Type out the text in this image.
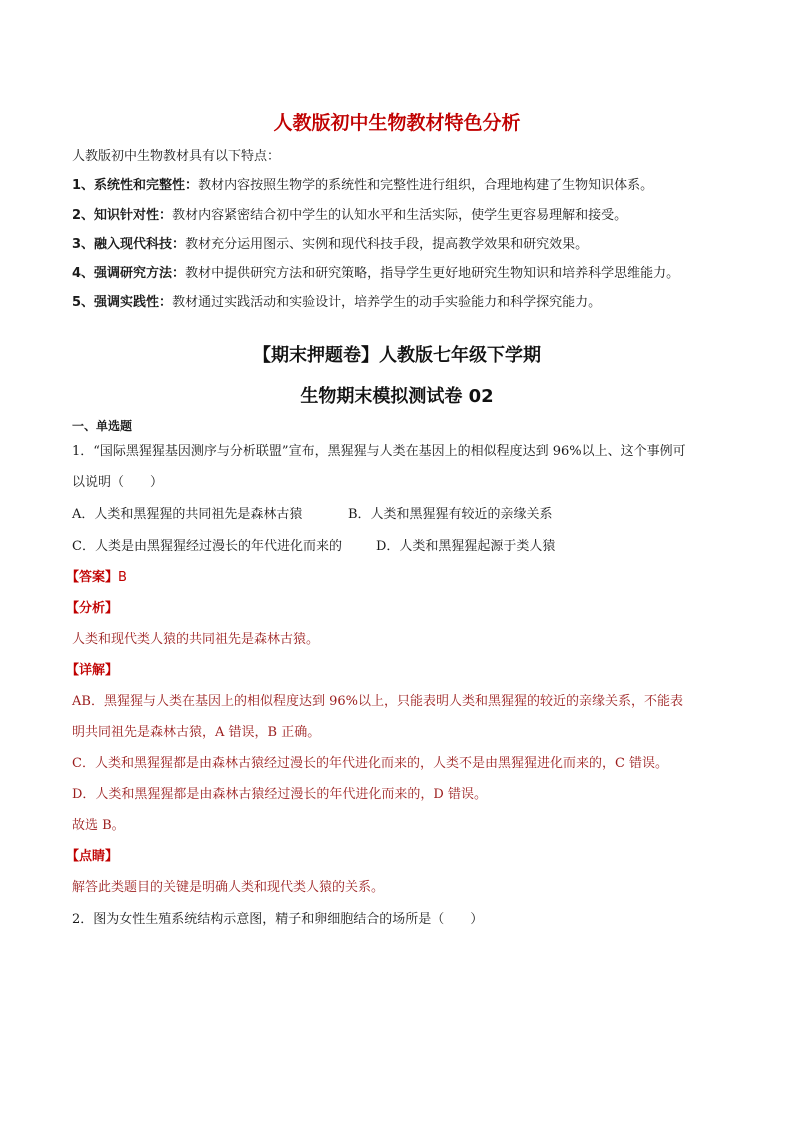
人教版初中生物教材特色分析
人教版初中生物教材具有以下特点：
1、系统性和完整性：教材内容按照生物学的系统性和完整性进行组织，合理地构建了生物知识体系。
2、知识针对性：教材内容紧密结合初中学生的认知水平和生活实际，使学生更容易理解和接受。
3、融入现代科技：教材充分运用图示、实例和现代科技手段，提高教学效果和研究效果。
4、强调研究方法：教材中提供研究方法和研究策略，指导学生更好地研究生物知识和培养科学思维能力。
5、强调实践性：教材通过实践活动和实验设计，培养学生的动手实验能力和科学探究能力。
【期末押题卷】人教版七年级下学期
生物期末模拟测试卷 02
一、单选题
1．“国际黑猩猩基因测序与分析联盟”宣布，黑猩猩与人类在基因上的相似程度达到 96%以上、这个事例可
以说明（　　）
A．人类和黑猩猩的共同祖先是森林古猿	B．人类和黑猩猩有较近的亲缘关系
C．人类是由黑猩猩经过漫长的年代进化而来的	D．人类和黑猩猩起源于类人猿
【答案】B
【分析】
人类和现代类人猿的共同祖先是森林古猿。
【详解】
AB．黑猩猩与人类在基因上的相似程度达到 96%以上，只能表明人类和黑猩猩的较近的亲缘关系，不能表
明共同祖先是森林古猿，A 错误，B 正确。
C．人类和黑猩猩都是由森林古猿经过漫长的年代进化而来的，人类不是由黑猩猩进化而来的，C 错误。
D．人类和黑猩猩都是由森林古猿经过漫长的年代进化而来的，D 错误。
故选 B。
【点睛】
解答此类题目的关键是明确人类和现代类人猿的关系。
2．图为女性生殖系统结构示意图，精子和卵细胞结合的场所是（　　）
